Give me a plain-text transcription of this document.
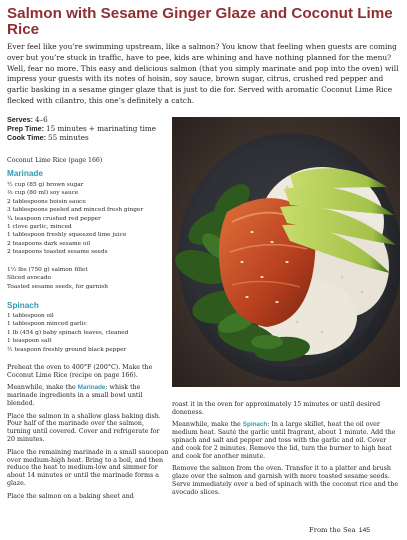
Salmon with Sesame Ginger Glaze and Coconut Lime Rice

Ever feel like you’re swimming upstream, like a salmon? You know that feeling when guests are coming over but you’re stuck in traffic, have to pee, kids are whining and have nothing planned for the menu? Well, fear no more. This easy and delicious salmon (that you simply marinate and pop into the oven) will impress your guests with its notes of hoisin, soy sauce, brown sugar, citrus, crushed red pepper and garlic basking in a sesame ginger glaze that is just to die for. Served with aromatic Coconut Lime Rice flecked with cilantro, this one’s definitely a catch.

Serves: 4–6
Prep Time: 15 minutes + marinating time
Cook Time: 55 minutes
Coconut Lime Rice (page 166)
Marinade
½ cup (85 g) brown sugar
⅓ cup (80 ml) soy sauce
2 tablespoons hoisin sauce
3 tablespoons peeled and minced fresh ginger
¼ teaspoon crushed red pepper
1 clove garlic, minced
1 tablespoon freshly squeezed lime juice
2 teaspoons dark sesame oil
2 teaspoons toasted sesame seeds
1½ lbs (750 g) salmon fillet
Sliced avocado
Toasted sesame seeds, for garnish
Spinach
1 tablespoon oil
1 tablespoon minced garlic
1 lb (454 g) baby spinach leaves, cleaned
1 teaspoon salt
½ teaspoon freshly ground black pepper

Preheat the oven to 400°F (200°C). Make the Coconut Lime Rice (recipe on page 166).

Meanwhile, make the Marinade: whisk the marinade ingredients in a small bowl until blended.

Place the salmon in a shallow glass baking dish. Pour half of the marinade over the salmon, turning until covered. Cover and refrigerate for 20 minutes.

Place the remaining marinade in a small saucepan over medium-high heat. Bring to a boil, and then reduce the heat to medium-low and simmer for about 14 minutes or until the marinade forms a glaze.

Place the salmon on a baking sheet and

roast it in the oven for approximately 15 minutes or until desired doneness.

Meanwhile, make the Spinach: In a large skillet, heat the oil over medium heat. Sauté the garlic until fragrant, about 1 minute. Add the spinach and salt and pepper and toss with the garlic and oil. Cover and cook for 2 minutes. Remove the lid, turn the burner to high heat and cook for another minute.

Remove the salmon from the oven. Transfer it to a platter and brush glaze over the salmon and garnish with more toasted sesame seeds. Serve immediately over a bed of spinach with the coconut rice and the avocado slices.

From the Sea 145
